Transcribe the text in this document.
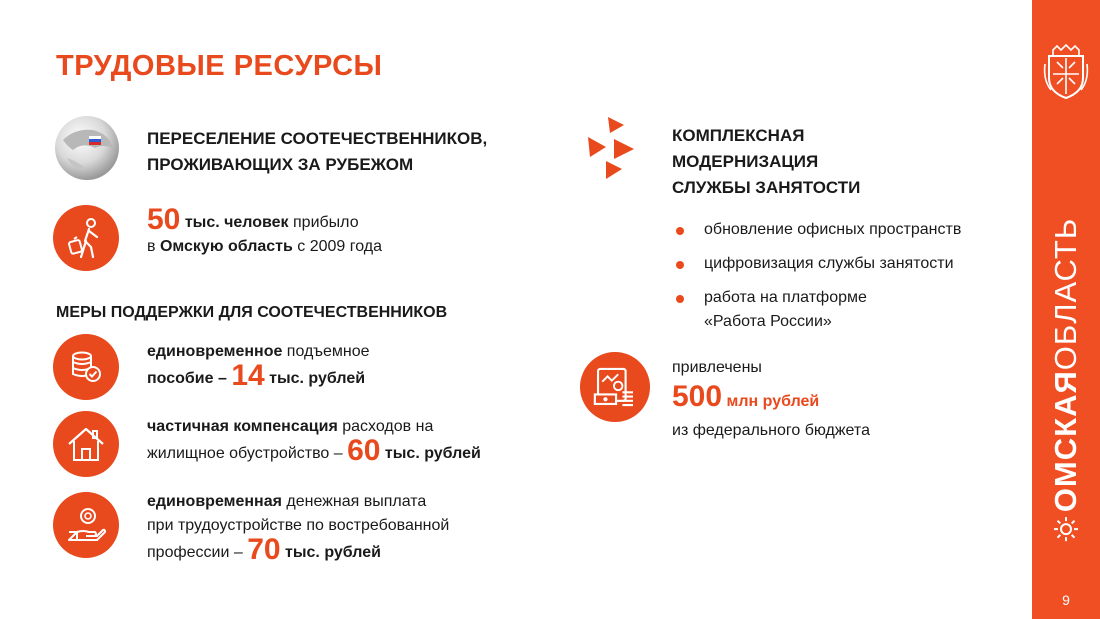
ТРУДОВЫЕ РЕСУРСЫ
ПЕРЕСЕЛЕНИЕ СООТЕЧЕСТВЕННИКОВ,
ПРОЖИВАЮЩИХ ЗА РУБЕЖОМ
50 тыс. человек прибыло
в Омскую область с 2009 года
МЕРЫ ПОДДЕРЖКИ ДЛЯ СООТЕЧЕСТВЕННИКОВ
единовременное подъемное
пособие – 14 тыс. рублей
частичная компенсация расходов на
жилищное обустройство – 60 тыс. рублей
единовременная денежная выплата
при трудоустройстве по востребованной
профессии – 70 тыс. рублей
КОМПЛЕКСНАЯ
МОДЕРНИЗАЦИЯ
СЛУЖБЫ ЗАНЯТОСТИ
обновление офисных пространств
цифровизация службы занятости
работа на платформе
«Работа России»
привлечены
500 млн рублей
из федерального бюджета	ОМСКАЯ
ОБЛАСТЬ
9
